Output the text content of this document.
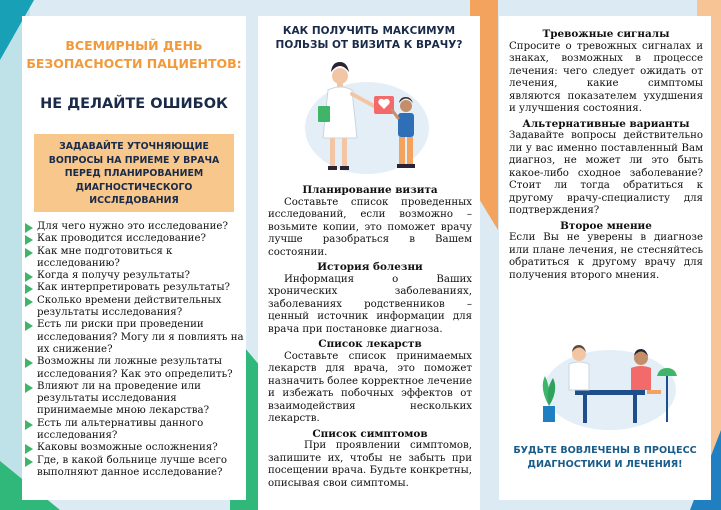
ВСЕМИРНЫЙ ДЕНЬ
БЕЗОПАСНОСТИ ПАЦИЕНТОВ:
НЕ ДЕЛАЙТЕ ОШИБОК
ЗАДАВАЙТЕ УТОЧНЯЮЩИЕ ВОПРОСЫ НА ПРИЕМЕ У ВРАЧА ПЕРЕД ПЛАНИРОВАНИЕМ ДИАГНОСТИЧЕСКОГО ИССЛЕДОВАНИЯ
Для чего нужно это исследование?
Как проводится исследование?
Как мне подготовиться к исследованию?
Когда я получу результаты?
Как интерпретировать результаты?
Сколько времени действительных результаты исследования?
Есть ли риски при проведении исследования? Могу ли я повлиять на их снижение?
Возможны ли ложные результаты исследования? Как это определить?
Влияют ли на проведение или результаты исследования принимаемые мною лекарства?
Есть ли альтернативы данного исследования?
Каковы возможные осложнения?
Где, в какой больнице лучше всего выполняют данное исследование?
КАК ПОЛУЧИТЬ МАКСИМУМ ПОЛЬЗЫ ОТ ВИЗИТА К ВРАЧУ?
Планирование визита
Составьте список проведенных исследований, если возможно – возьмите копии, это поможет врачу лучше разобраться в Вашем состоянии.
История болезни
Информация о Ваших хронических заболеваниях, заболеваниях родственников – ценный источник информации для врача при постановке диагноза.
Список лекарств
Составьте список принимаемых лекарств для врача, это поможет назначить более корректное лечение и избежать побочных эффектов от взаимодействия нескольких лекарств.
Список симптомов
При проявлении симптомов, запишите их, чтобы не забыть при посещении врача. Будьте конкретны, описывая свои симптомы.
Тревожные сигналы
Спросите о тревожных сигналах и знаках, возможных в процессе лечения: чего следует ожидать от лечения, какие симптомы являются показателем ухудшения и улучшения состояния.
Альтернативные варианты
Задавайте вопросы действительно ли у вас именно поставленный Вам диагноз, не может ли это быть какое-либо сходное заболевание? Стоит ли тогда обратиться к другому врачу-специалисту для подтверждения?
Второе мнение
Если Вы не уверены в диагнозе или плане лечения, не стесняйтесь обратиться к другому врачу для получения второго мнения.
БУДЬТЕ ВОВЛЕЧЕНЫ В ПРОЦЕСС ДИАГНОСТИКИ И ЛЕЧЕНИЯ!
